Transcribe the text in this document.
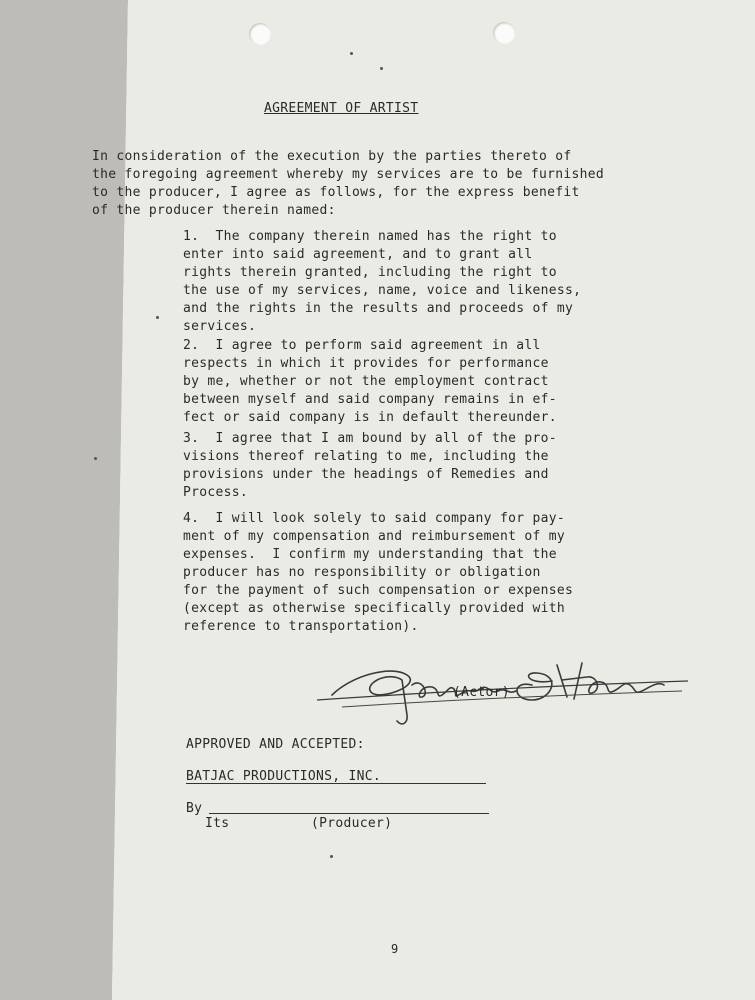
AGREEMENT OF ARTIST
In consideration of the execution by the parties thereto of
the foregoing agreement whereby my services are to be furnished
to the producer, I agree as follows, for the express benefit
of the producer therein named:
1.  The company therein named has the right to
enter into said agreement, and to grant all
rights therein granted, including the right to
the use of my services, name, voice and likeness,
and the rights in the results and proceeds of my
services.
2.  I agree to perform said agreement in all
respects in which it provides for performance
by me, whether or not the employment contract
between myself and said company remains in ef-
fect or said company is in default thereunder.
3.  I agree that I am bound by all of the pro-
visions thereof relating to me, including the
provisions under the headings of Remedies and
Process.
4.  I will look solely to said company for pay-
ment of my compensation and reimbursement of my
expenses.  I confirm my understanding that the
producer has no responsibility or obligation
for the payment of such compensation or expenses
(except as otherwise specifically provided with
reference to transportation).
(Actor)
APPROVED AND ACCEPTED:
BATJAC PRODUCTIONS, INC.
By
Its	(Producer)
9
